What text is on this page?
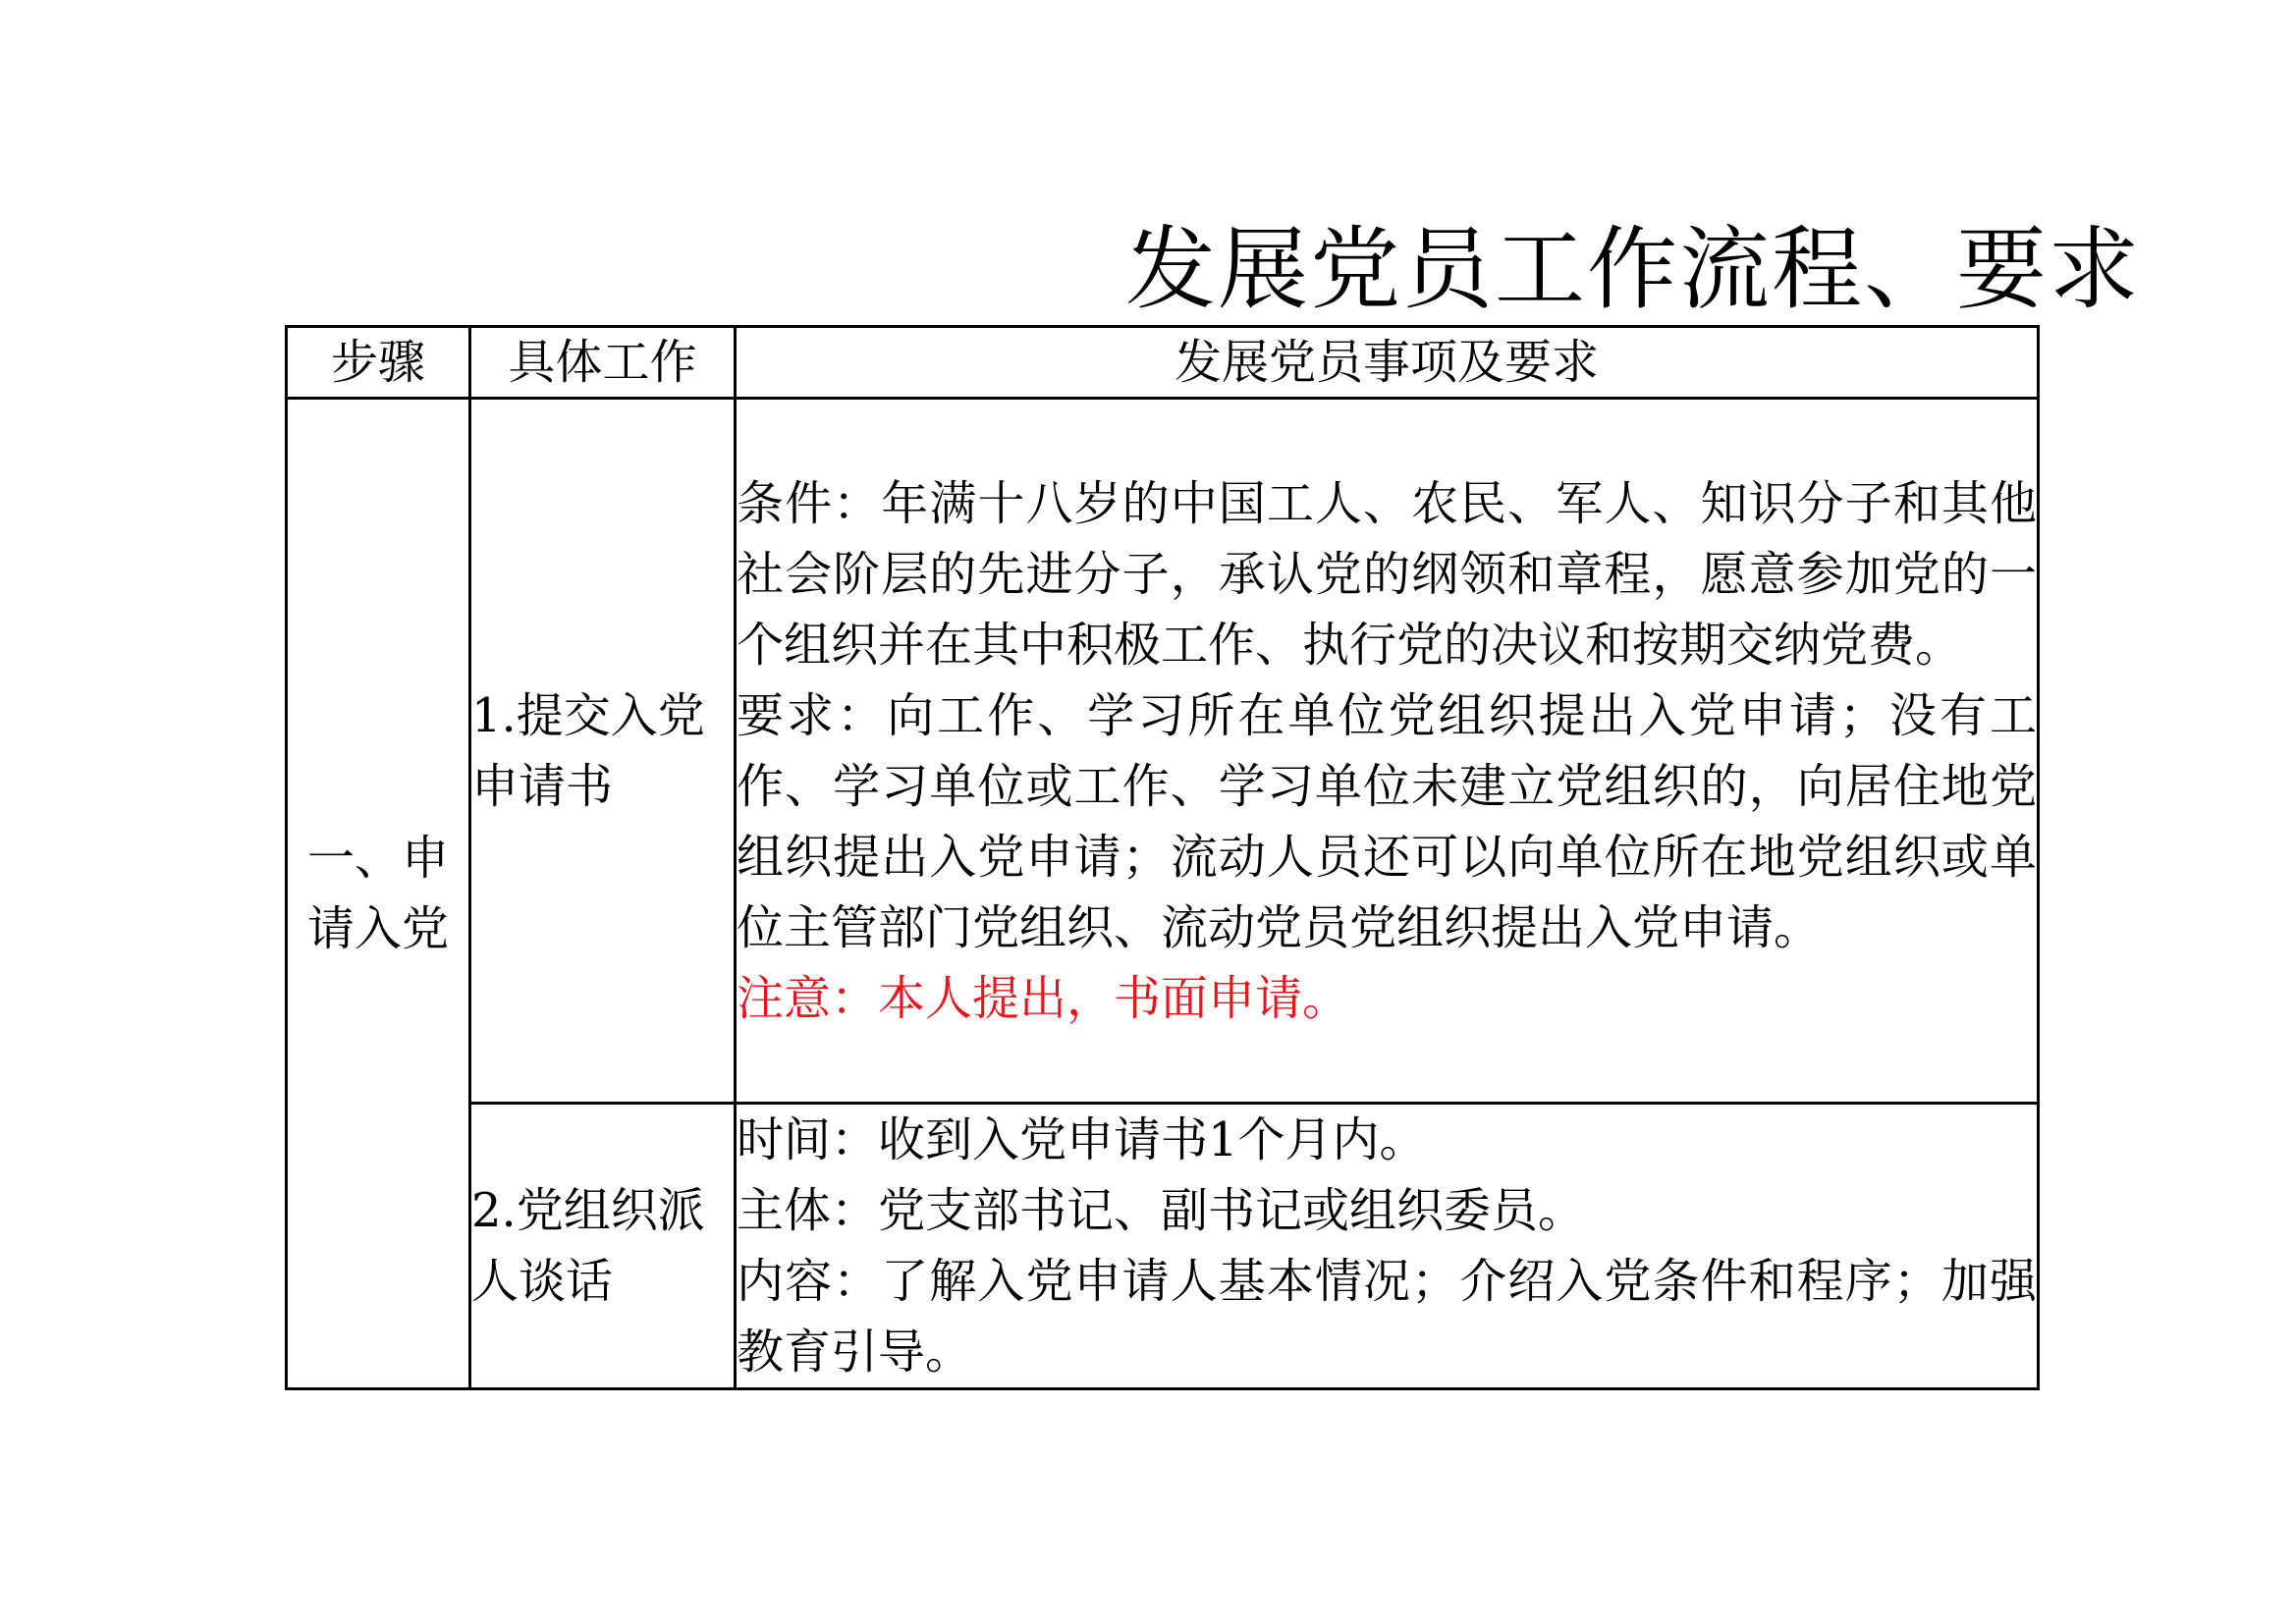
发展党员工作流程、要求
步骤	具体工作	发展党员事项及要求
一、申请入党	1.提交入党申请书	条件：年满十八岁的中国工人、农民、军人、知识分子和其他社会阶层的先进分子，承认党的纲领和章程，愿意参加党的一个组织并在其中积极工作、执行党的决议和按期交纳党费。
要求：向工作、学习所在单位党组织提出入党申请；没有工作、学习单位或工作、学习单位未建立党组织的，向居住地党组织提出入党申请；流动人员还可以向单位所在地党组织或单位主管部门党组织、流动党员党组织提出入党申请。
注意：本人提出，书面申请。

	2.党组织派人谈话	时间：收到入党申请书1个月内。
主体：党支部书记、副书记或组织委员。
内容：了解入党申请人基本情况；介绍入党条件和程序；加强教育引导。
